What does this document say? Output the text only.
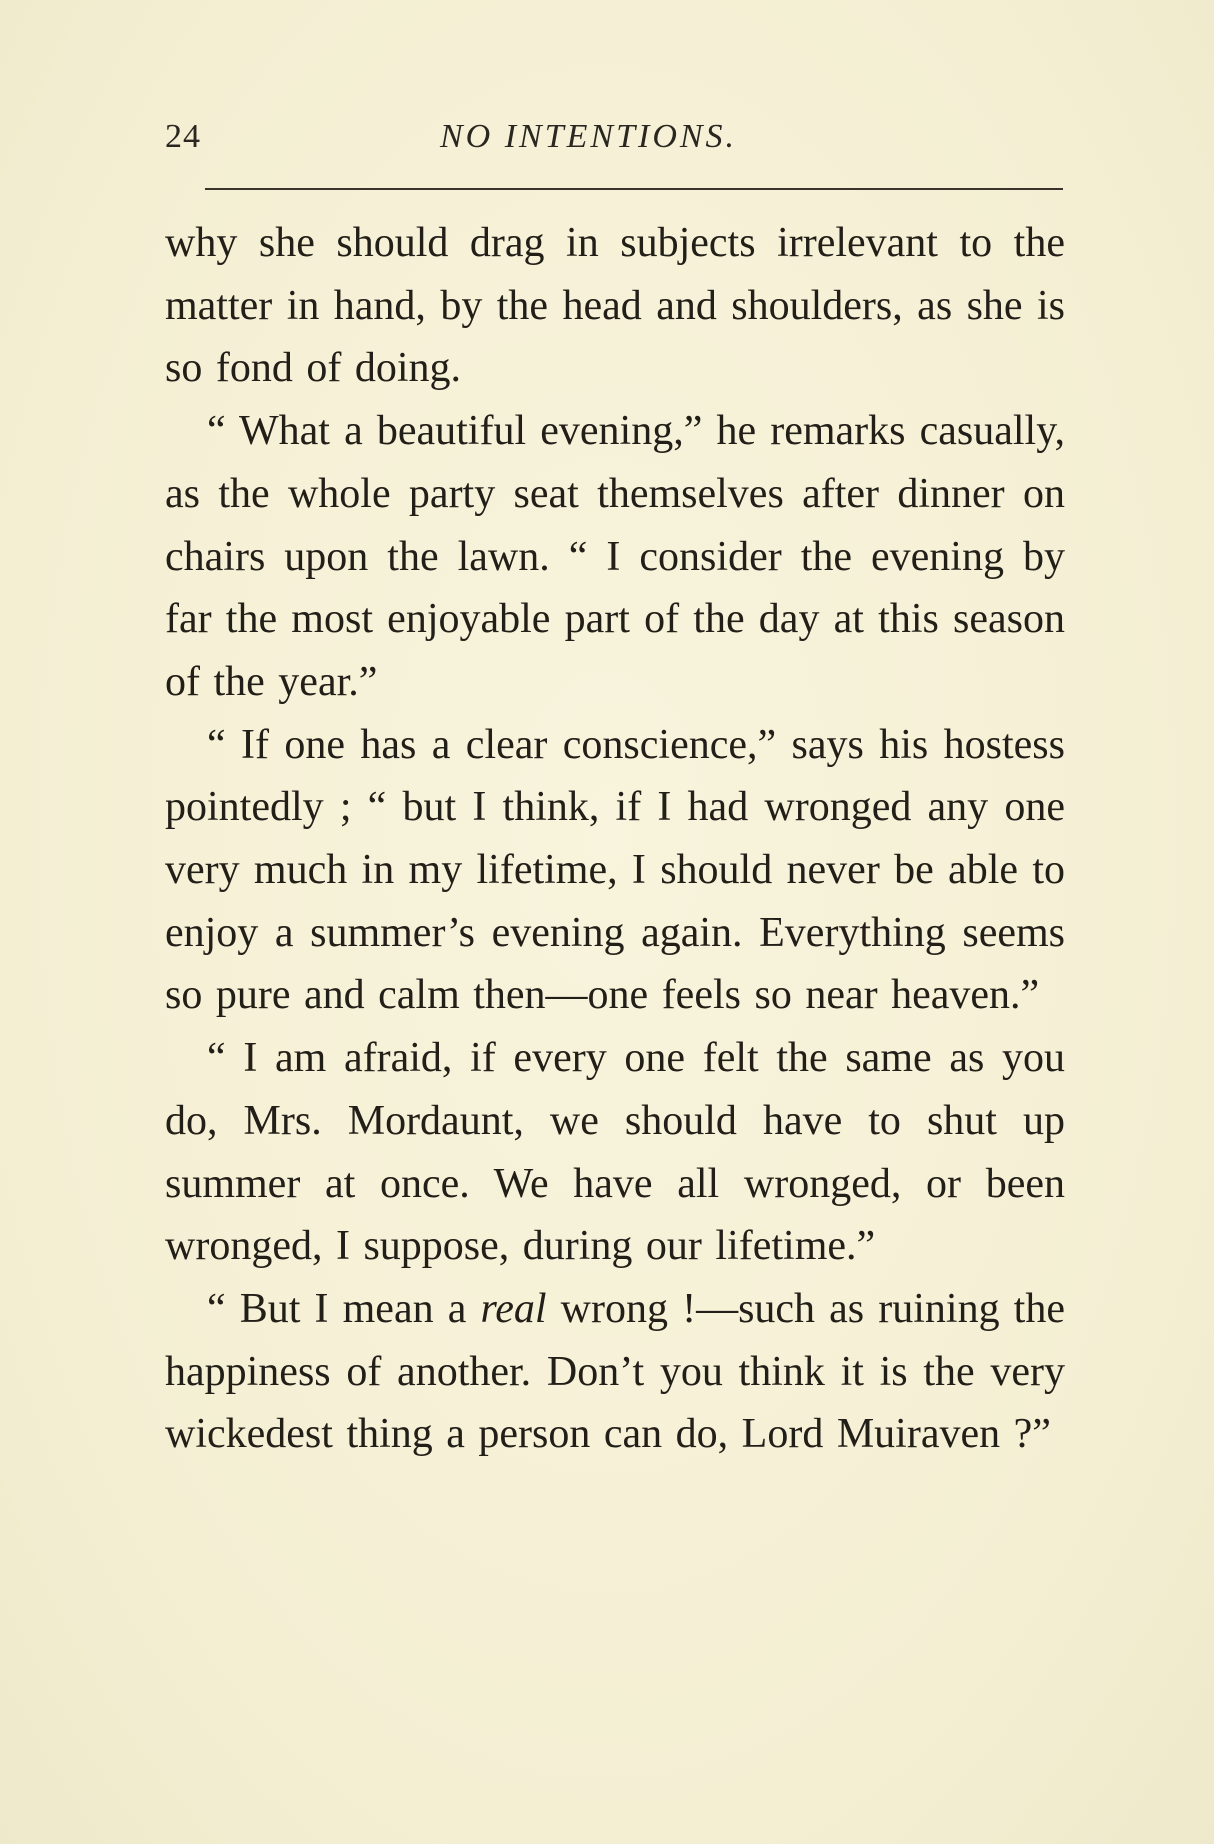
24	NO INTENTIONS.

why she should drag in subjects irrelevant to the matter in hand, by the head and shoulders, as she is so fond of doing.

“ What a beautiful evening,” he remarks casually, as the whole party seat themselves after dinner on chairs upon the lawn. “ I consider the evening by far the most enjoyable part of the day at this season of the year.”

“ If one has a clear conscience,” says his hostess pointedly ; “ but I think, if I had wronged any one very much in my lifetime, I should never be able to enjoy a summer’s evening again. Everything seems so pure and calm then—one feels so near heaven.”

“ I am afraid, if every one felt the same as you do, Mrs. Mordaunt, we should have to shut up summer at once. We have all wronged, or been wronged, I suppose, during our lifetime.”

“ But I mean a real wrong !—such as ruining the happiness of another. Don’t you think it is the very wickedest thing a person can do, Lord Muiraven ?”
